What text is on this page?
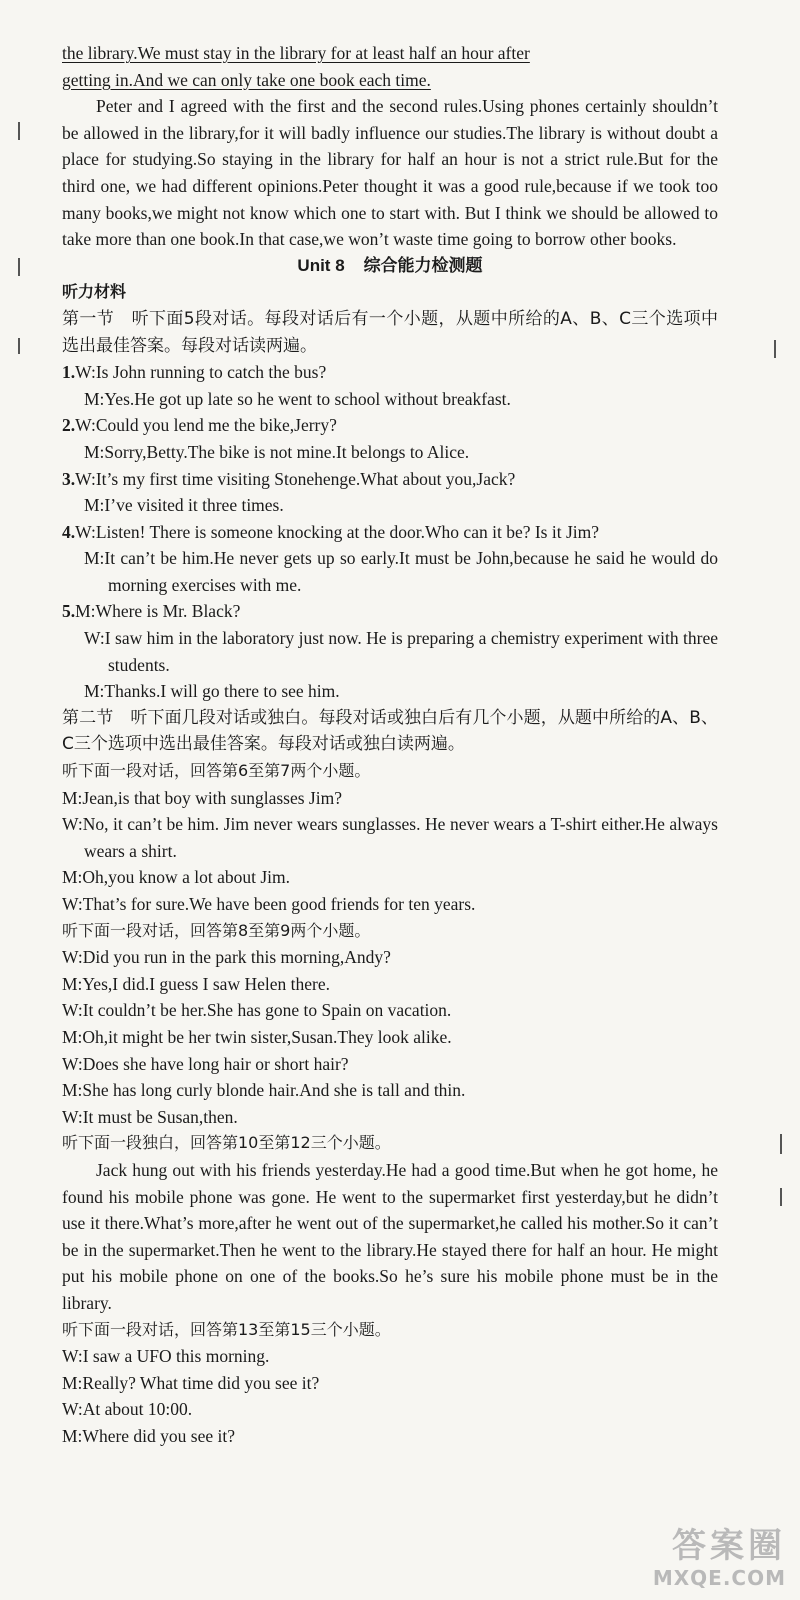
the library.We must stay in the library for at least half an hour after

getting in.And we can only take one book each time.

Peter and I agreed with the first and the second rules.Using phones certainly shouldn’t be allowed in the library,for it will badly influence our studies.The library is without doubt a place for studying.So staying in the library for half an hour is not a strict rule.But for the third one, we had different opinions.Peter thought it was a good rule,because if we took too many books,we might not know which one to start with. But I think we should be allowed to take more than one book.In that case,we won’t waste time going to borrow other books.

Unit 8 综合能力检测题

听力材料

第一节　听下面5段对话。每段对话后有一个小题，从题中所给的A、B、C三个选项中选出最佳答案。每段对话读两遍。

1.W:Is John running to catch the bus?

M:Yes.He got up late so he went to school without breakfast.

2.W:Could you lend me the bike,Jerry?

M:Sorry,Betty.The bike is not mine.It belongs to Alice.

3.W:It’s my first time visiting Stonehenge.What about you,Jack?

M:I’ve visited it three times.

4.W:Listen! There is someone knocking at the door.Who can it be? Is it Jim?

M:It can’t be him.He never gets up so early.It must be John,because he said he would do morning exercises with me.

5.M:Where is Mr. Black?

W:I saw him in the laboratory just now. He is preparing a chemistry experiment with three students.

M:Thanks.I will go there to see him.

第二节　听下面几段对话或独白。每段对话或独白后有几个小题，从题中所给的A、B、C三个选项中选出最佳答案。每段对话或独白读两遍。

听下面一段对话，回答第6至第7两个小题。

M:Jean,is that boy with sunglasses Jim?

W:No, it can’t be him. Jim never wears sunglasses. He never wears a T-shirt either.He always wears a shirt.

M:Oh,you know a lot about Jim.

W:That’s for sure.We have been good friends for ten years.

听下面一段对话，回答第8至第9两个小题。

W:Did you run in the park this morning,Andy?

M:Yes,I did.I guess I saw Helen there.

W:It couldn’t be her.She has gone to Spain on vacation.

M:Oh,it might be her twin sister,Susan.They look alike.

W:Does she have long hair or short hair?

M:She has long curly blonde hair.And she is tall and thin.

W:It must be Susan,then.

听下面一段独白，回答第10至第12三个小题。

Jack hung out with his friends yesterday.He had a good time.But when he got home, he found his mobile phone was gone. He went to the supermarket first yesterday,but he didn’t use it there.What’s more,after he went out of the supermarket,he called his mother.So it can’t be in the supermarket.Then he went to the library.He stayed there for half an hour. He might put his mobile phone on one of the books.So he’s sure his mobile phone must be in the library.

听下面一段对话，回答第13至第15三个小题。

W:I saw a UFO this morning.

M:Really? What time did you see it?

W:At about 10:00.

M:Where did you see it?

答案圈
MXQE.COM
